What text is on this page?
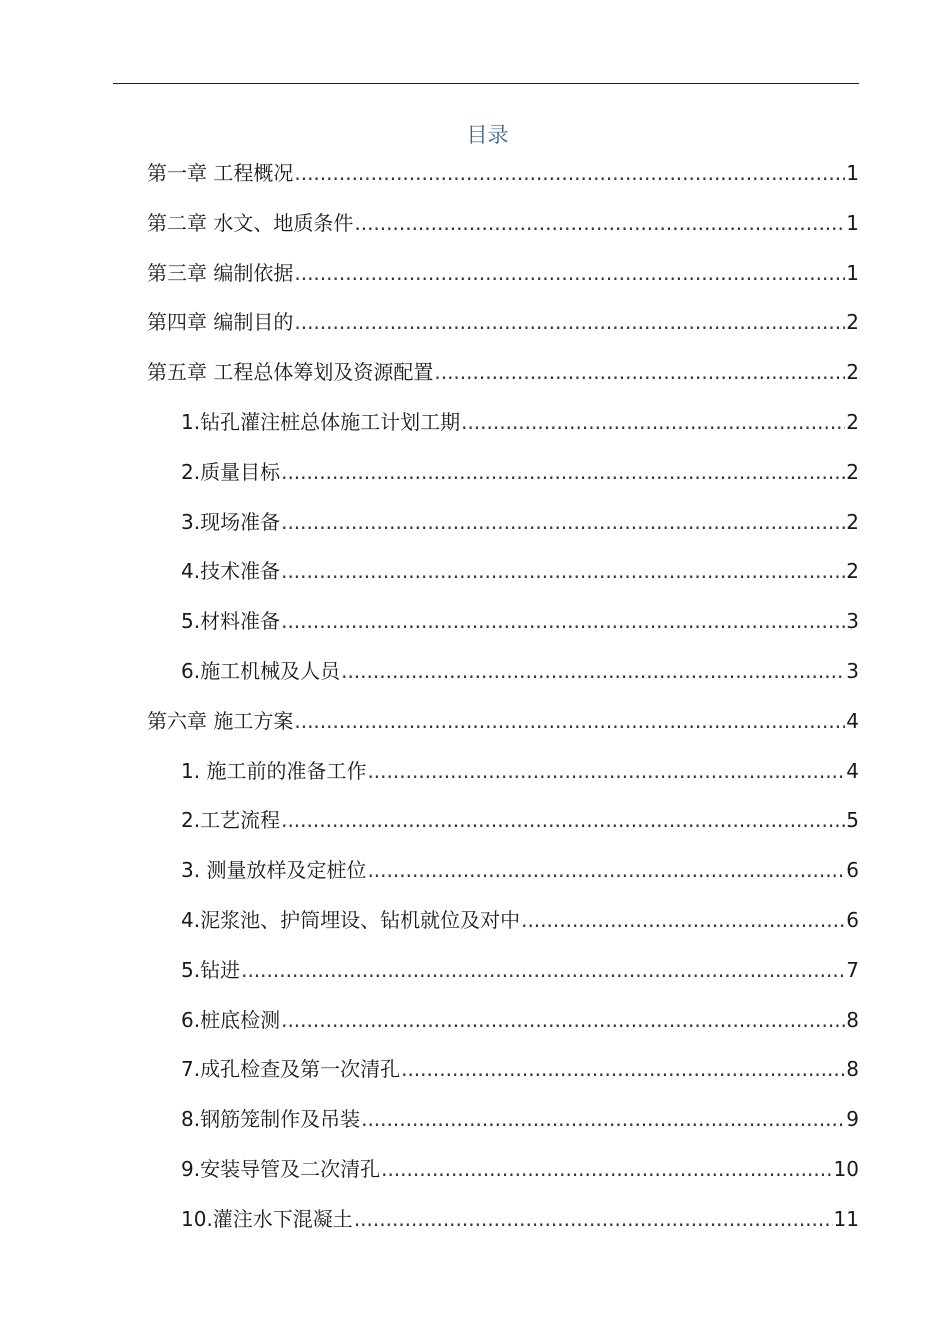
目录
第一章 工程概况 .....	1
第二章 水文、地质条件 .....	1
第三章 编制依据 .....	1
第四章 编制目的 .....	2
第五章 工程总体筹划及资源配置 .....	2
1.钻孔灌注桩总体施工计划工期 .....	2
2.质量目标 .....	2
3.现场准备 .....	2
4.技术准备 .....	2
5.材料准备 .....	3
6.施工机械及人员 .....	3
第六章 施工方案 .....	4
1. 施工前的准备工作 .....	4
2.工艺流程 .....	5
3. 测量放样及定桩位 .....	6
4.泥浆池、护筒埋设、钻机就位及对中 .....	6
5.钻进 .....	7
6.桩底检测 .....	8
7.成孔检查及第一次清孔 .....	8
8.钢筋笼制作及吊装 .....	9
9.安装导管及二次清孔 .....	10
10.灌注水下混凝土 .....	11
